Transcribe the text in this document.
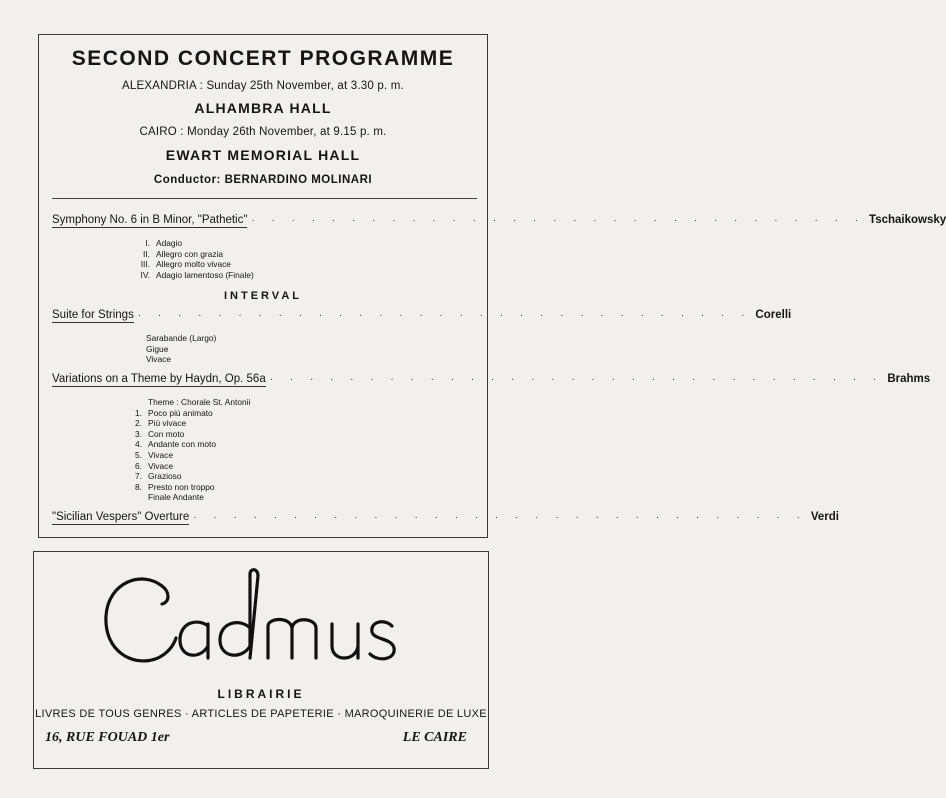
SECOND CONCERT PROGRAMME
ALEXANDRIA : Sunday 25th November, at 3.30 p. m.
ALHAMBRA HALL
CAIRO : Monday 26th November, at 9.15 p. m.
EWART MEMORIAL HALL
Conductor: BERNARDINO MOLINARI
Symphony No. 6 in B Minor, "Pathetic" · · · · · · · · · · · · · · · · · · · · · · · · · · · · · · · Tschaikowsky
I. Adagio
II. Allegro con grazia
III. Allegro molto vivace
IV. Adagio lamentoso (Finale)
INTERVAL
Suite for Strings · · · · · · · · · · · · · · · · · · · · · · · · · · · · · · · Corelli
Sarabande (Largo)
Gigue
Vivace
Variations on a Theme by Haydn, Op. 56a · · · · · · · · · · · · · · · · · · · · · · · · · · · · · · · Brahms
Theme : Chorale St. Antonii
1. Poco più animato
2. Più vivace
3. Con moto
4. Andante con moto
5. Vivace
6. Vivace
7. Grazioso
8. Presto non troppo
Finale Andante
"Sicilian Vespers" Overture · · · · · · · · · · · · · · · · · · · · · · · · · · · · · · · Verdi
LIBRAIRIE
LIVRES DE TOUS GENRES · ARTICLES DE PAPETERIE · MAROQUINERIE DE LUXE
16, RUE FOUAD 1er	LE CAIRE
